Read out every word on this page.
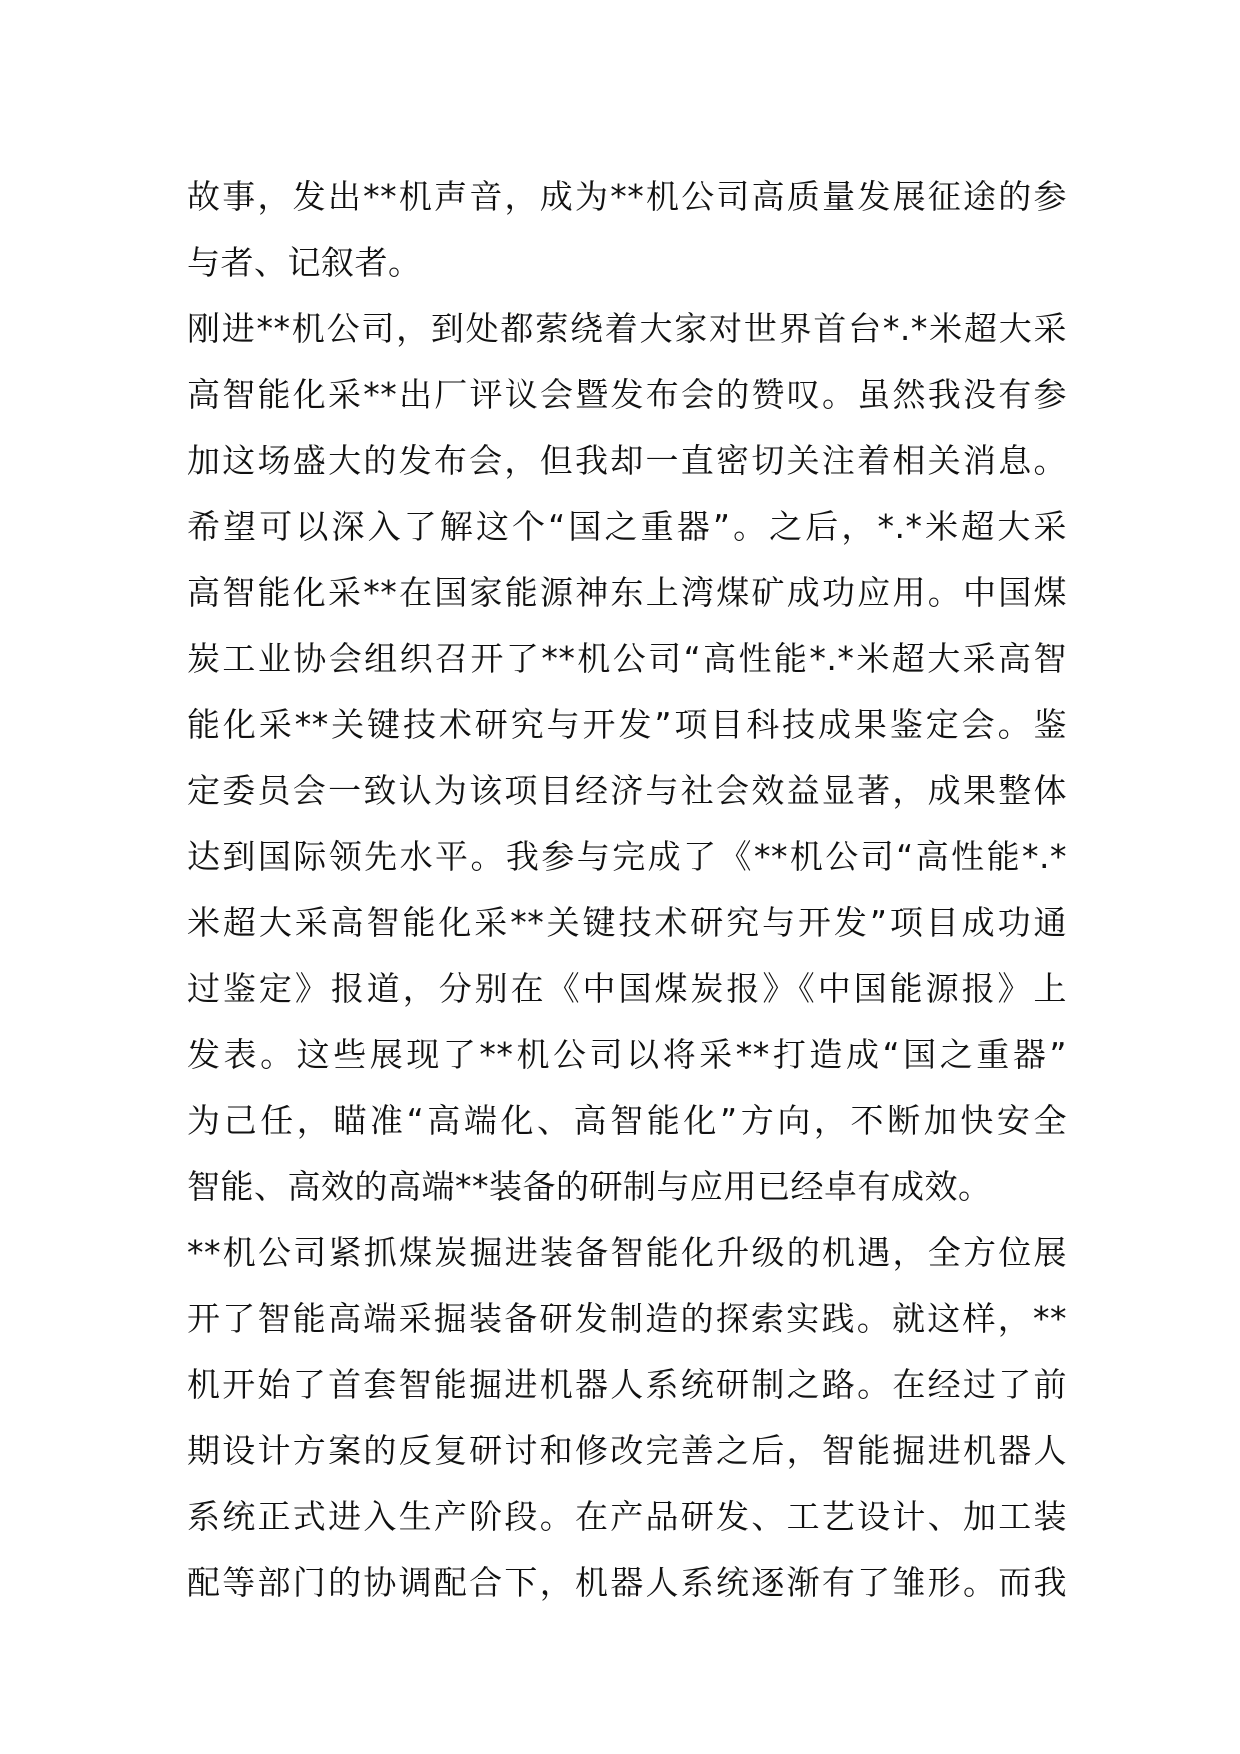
故事，发出**机声音，成为**机公司高质量发展征途的参
与者、记叙者。
刚进**机公司，到处都萦绕着大家对世界首台*.*米超大采
高智能化采**出厂评议会暨发布会的赞叹。虽然我没有参
加这场盛大的发布会，但我却一直密切关注着相关消息。
希望可以深入了解这个“国之重器”。之后，*.*米超大采
高智能化采**在国家能源神东上湾煤矿成功应用。中国煤
炭工业协会组织召开了**机公司“高性能*.*米超大采高智
能化采**关键技术研究与开发”项目科技成果鉴定会。鉴
定委员会一致认为该项目经济与社会效益显著，成果整体
达到国际领先水平。我参与完成了《**机公司“高性能*.*
米超大采高智能化采**关键技术研究与开发”项目成功通
过鉴定》报道，分别在《中国煤炭报》《中国能源报》上
发表。这些展现了**机公司以将采**打造成“国之重器”
为己任，瞄准“高端化、高智能化”方向，不断加快安全
智能、高效的高端**装备的研制与应用已经卓有成效。
**机公司紧抓煤炭掘进装备智能化升级的机遇，全方位展
开了智能高端采掘装备研发制造的探索实践。就这样，**
机开始了首套智能掘进机器人系统研制之路。在经过了前
期设计方案的反复研讨和修改完善之后，智能掘进机器人
系统正式进入生产阶段。在产品研发、工艺设计、加工装
配等部门的协调配合下，机器人系统逐渐有了雏形。而我
